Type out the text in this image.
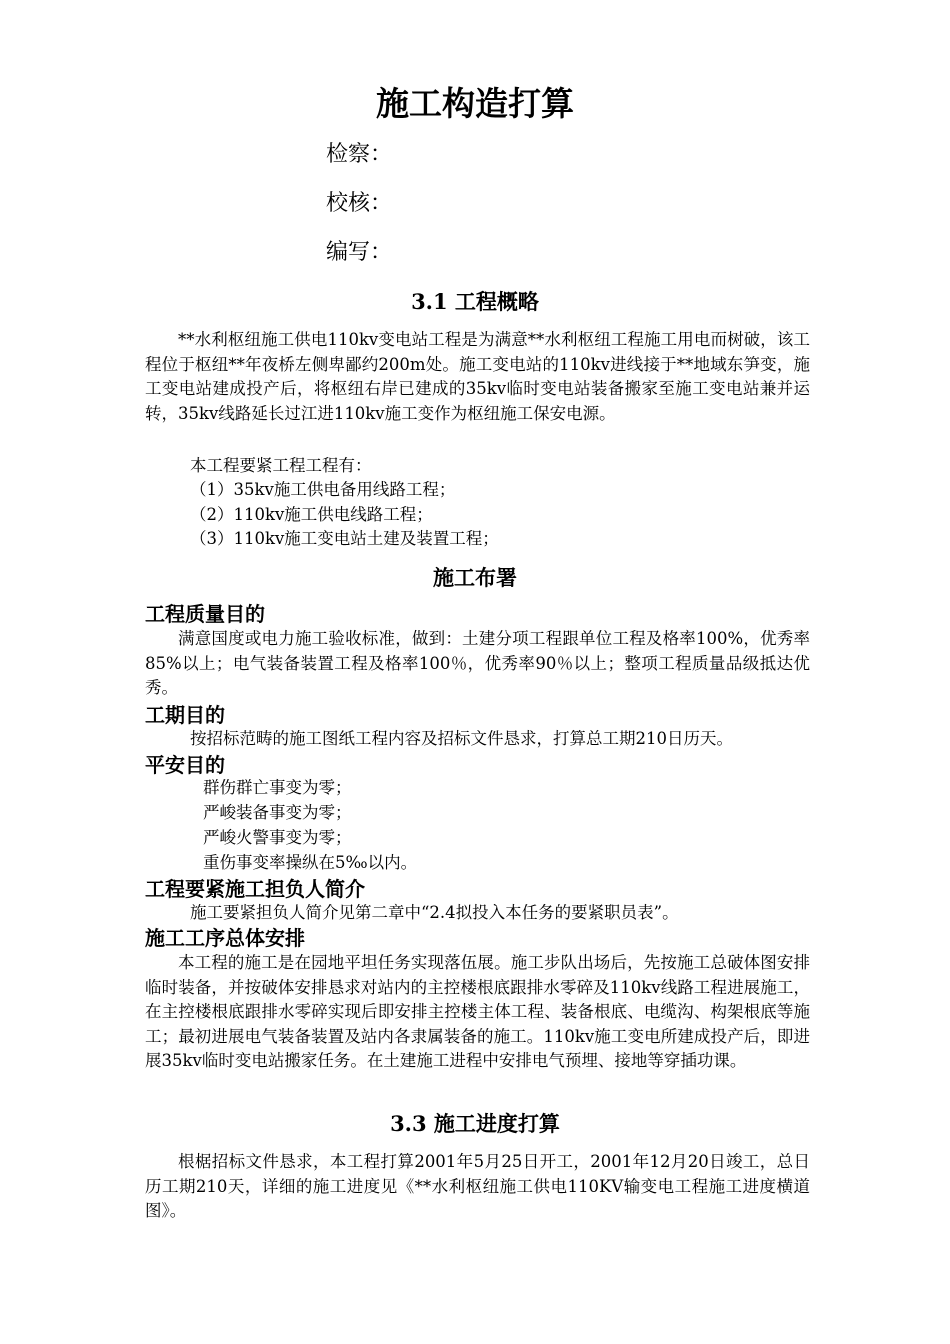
施工构造打算
检察：
校核：
编写：
3.1 工程概略

**水利枢纽施工供电110kv变电站工程是为满意**水利枢纽工程施工用电而树破，该工程位于枢纽**年夜桥左侧卑鄙约200m处。施工变电站的110kv进线接于**地域东笋变，施工变电站建成投产后，将枢纽右岸已建成的35kv临时变电站装备搬家至施工变电站兼并运转，35kv线路延长过江进110kv施工变作为枢纽施工保安电源。

本工程要紧工程工程有：
（1）35kv施工供电备用线路工程；
（2）110kv施工供电线路工程；
（3）110kv施工变电站土建及装置工程；
施工布署
工程质量目的

满意国度或电力施工验收标准，做到：土建分项工程跟单位工程及格率100%，优秀率85%以上；电气装备装置工程及格率100％，优秀率90％以上；整项工程质量品级抵达优秀。

工期目的
按招标范畴的施工图纸工程内容及招标文件恳求，打算总工期210日历天。
平安目的
群伤群亡事变为零；
严峻装备事变为零；
严峻火警事变为零；
重伤事变率操纵在5‰以内。
工程要紧施工担负人简介
施工要紧担负人简介见第二章中“2.4拟投入本任务的要紧职员表”。
施工工序总体安排

本工程的施工是在园地平坦任务实现落伍展。施工步队出场后，先按施工总破体图安排临时装备，并按破体安排恳求对站内的主控楼根底跟排水零碎及110kv线路工程进展施工，在主控楼根底跟排水零碎实现后即安排主控楼主体工程、装备根底、电缆沟、构架根底等施工；最初进展电气装备装置及站内各隶属装备的施工。110kv施工变电所建成投产后，即进展35kv临时变电站搬家任务。在土建施工进程中安排电气预埋、接地等穿插功课。

3.3 施工进度打算

根椐招标文件恳求，本工程打算2001年5月25日开工，2001年12月20日竣工，总日历工期210天，详细的施工进度见《**水利枢纽施工供电110KV输变电工程施工进度横道图》。
